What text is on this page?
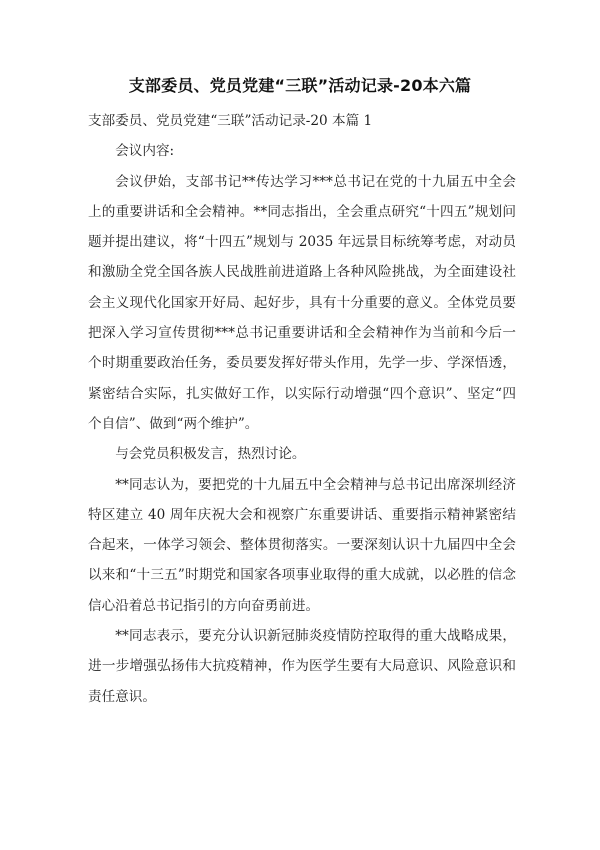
支部委员、党员党建“三联”活动记录-20本六篇

支部委员、党员党建“三联”活动记录-20 本篇 1

会议内容:

会议伊始，支部书记**传达学习***总书记在党的十九届五中全会上的重要讲话和全会精神。**同志指出，全会重点研究“十四五”规划问题并提出建议，将“十四五”规划与 2035 年远景目标统筹考虑，对动员和激励全党全国各族人民战胜前进道路上各种风险挑战，为全面建设社会主义现代化国家开好局、起好步，具有十分重要的意义。全体党员要把深入学习宣传贯彻***总书记重要讲话和全会精神作为当前和今后一个时期重要政治任务，委员要发挥好带头作用，先学一步、学深悟透，紧密结合实际，扎实做好工作，以实际行动增强“四个意识”、坚定“四个自信”、做到“两个维护”。

与会党员积极发言，热烈讨论。

**同志认为，要把党的十九届五中全会精神与总书记出席深圳经济特区建立 40 周年庆祝大会和视察广东重要讲话、重要指示精神紧密结合起来，一体学习领会、整体贯彻落实。一要深刻认识十九届四中全会以来和“十三五”时期党和国家各项事业取得的重大成就，以必胜的信念信心沿着总书记指引的方向奋勇前进。

**同志表示，要充分认识新冠肺炎疫情防控取得的重大战略成果，进一步增强弘扬伟大抗疫精神，作为医学生要有大局意识、风险意识和责任意识。
